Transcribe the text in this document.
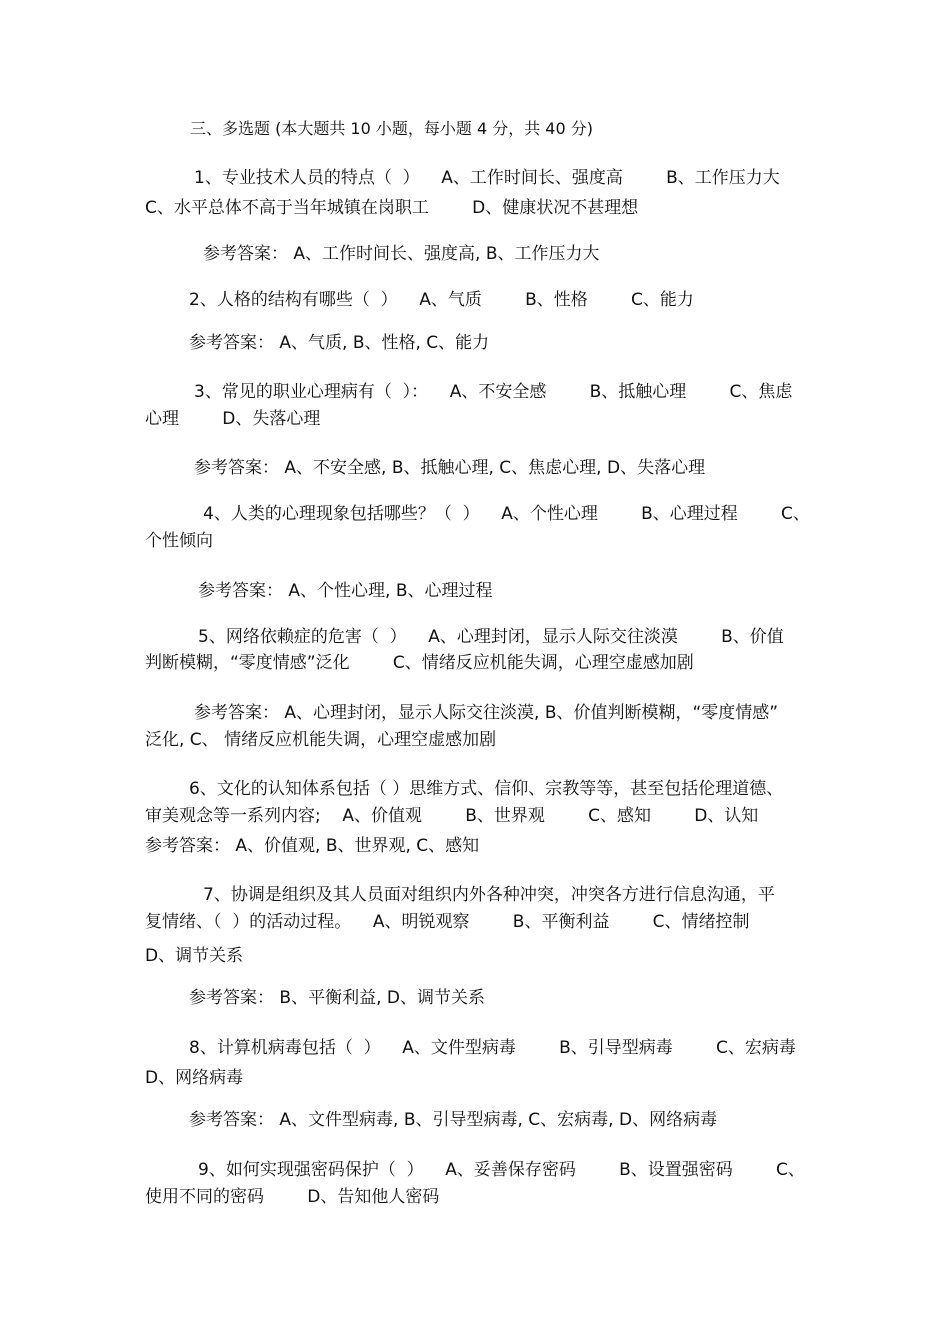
三、多选题 (本大题共 10 小题，每小题 4 分，共 40 分)
1、专业技术人员的特点（  ）    A、工作时间长、强度高        B、工作压力大
C、水平总体不高于当年城镇在岗职工        D、健康状况不甚理想
参考答案： A、工作时间长、强度高, B、工作压力大
2、人格的结构有哪些（  ）    A、气质        B、性格        C、能力
参考答案： A、气质, B、性格, C、能力
3、常见的职业心理病有（  ）：    A、不安全感        B、抵触心理        C、焦虑
心理        D、失落心理
参考答案： A、不安全感, B、抵触心理, C、焦虑心理, D、失落心理
4、人类的心理现象包括哪些？（  ）    A、个性心理        B、心理过程        C、
个性倾向
参考答案： A、个性心理, B、心理过程
5、网络依赖症的危害（  ）    A、心理封闭，显示人际交往淡漠        B、价值
判断模糊，“零度情感”泛化        C、情绪反应机能失调，心理空虚感加剧
参考答案： A、心理封闭，显示人际交往淡漠, B、价值判断模糊，“零度情感”
泛化, C、 情绪反应机能失调，心理空虚感加剧
6、文化的认知体系包括（ ）思维方式、信仰、宗教等等，甚至包括伦理道德、
审美观念等一系列内容;    A、价值观        B、世界观        C、感知        D、认知
参考答案： A、价值观, B、世界观, C、感知
7、协调是组织及其人员面对组织内外各种冲突，冲突各方进行信息沟通，平
复情绪、（  ）的活动过程。    A、明锐观察        B、平衡利益        C、情绪控制
D、调节关系
参考答案： B、平衡利益, D、调节关系
8、计算机病毒包括（  ）    A、文件型病毒        B、引导型病毒        C、宏病毒
D、网络病毒
参考答案： A、文件型病毒, B、引导型病毒, C、宏病毒, D、网络病毒
9、如何实现强密码保护（  ）    A、妥善保存密码        B、设置强密码        C、
使用不同的密码        D、告知他人密码
